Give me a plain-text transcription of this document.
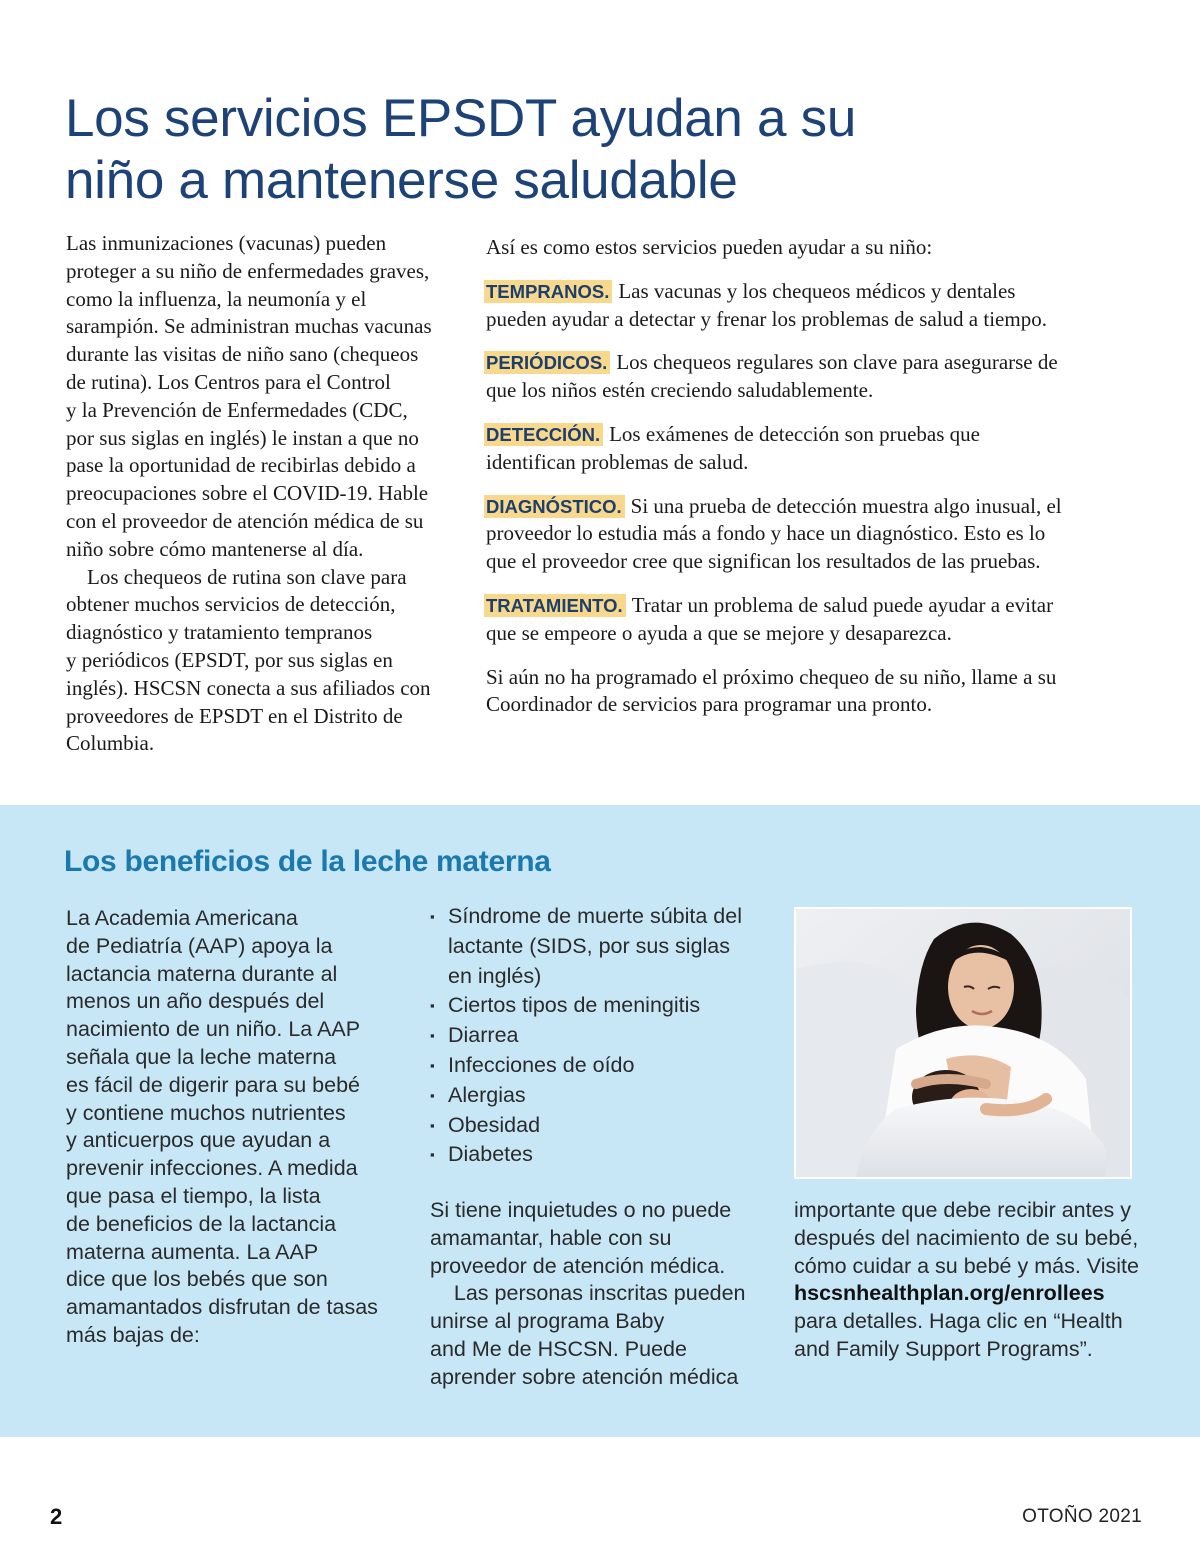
Los servicios EPSDT ayudan a su
niño a mantenerse saludable
Las inmunizaciones (vacunas) pueden
proteger a su niño de enfermedades graves,
como la influenza, la neumonía y el
sarampión. Se administran muchas vacunas
durante las visitas de niño sano (chequeos
de rutina). Los Centros para el Control
y la Prevención de Enfermedades (CDC,
por sus siglas en inglés) le instan a que no
pase la oportunidad de recibirlas debido a
preocupaciones sobre el COVID-19. Hable
con el proveedor de atención médica de su
niño sobre cómo mantenerse al día.
Los chequeos de rutina son clave para
obtener muchos servicios de detección,
diagnóstico y tratamiento tempranos
y periódicos (EPSDT, por sus siglas en
inglés). HSCSN conecta a sus afiliados con
proveedores de EPSDT en el Distrito de
Columbia.
Así es como estos servicios pueden ayudar a su niño:
TEMPRANOS. Las vacunas y los chequeos médicos y dentales
pueden ayudar a detectar y frenar los problemas de salud a tiempo.
PERIÓDICOS. Los chequeos regulares son clave para asegurarse de
que los niños estén creciendo saludablemente.
DETECCIÓN. Los exámenes de detección son pruebas que
identifican problemas de salud.
DIAGNÓSTICO. Si una prueba de detección muestra algo inusual, el
proveedor lo estudia más a fondo y hace un diagnóstico. Esto es lo
que el proveedor cree que significan los resultados de las pruebas.
TRATAMIENTO. Tratar un problema de salud puede ayudar a evitar
que se empeore o ayuda a que se mejore y desaparezca.
Si aún no ha programado el próximo chequeo de su niño, llame a su
Coordinador de servicios para programar una pronto.
Los beneficios de la leche materna
La Academia Americana
de Pediatría (AAP) apoya la
lactancia materna durante al
menos un año después del
nacimiento de un niño. La AAP
señala que la leche materna
es fácil de digerir para su bebé
y contiene muchos nutrientes
y anticuerpos que ayudan a
prevenir infecciones. A medida
que pasa el tiempo, la lista
de beneficios de la lactancia
materna aumenta. La AAP
dice que los bebés que son
amamantados disfrutan de tasas
más bajas de:
▪ Síndrome de muerte súbita del
lactante (SIDS, por sus siglas
en inglés)
▪ Ciertos tipos de meningitis
▪ Diarrea
▪ Infecciones de oído
▪ Alergias
▪ Obesidad
▪ Diabetes
Si tiene inquietudes o no puede
amamantar, hable con su
proveedor de atención médica.
Las personas inscritas pueden
unirse al programa Baby
and Me de HSCSN. Puede
aprender sobre atención médica
importante que debe recibir antes y
después del nacimiento de su bebé,
cómo cuidar a su bebé y más. Visite
hscsnhealthplan.org/enrollees
para detalles. Haga clic en “Health
and Family Support Programs”.
2	OTOÑO 2021
